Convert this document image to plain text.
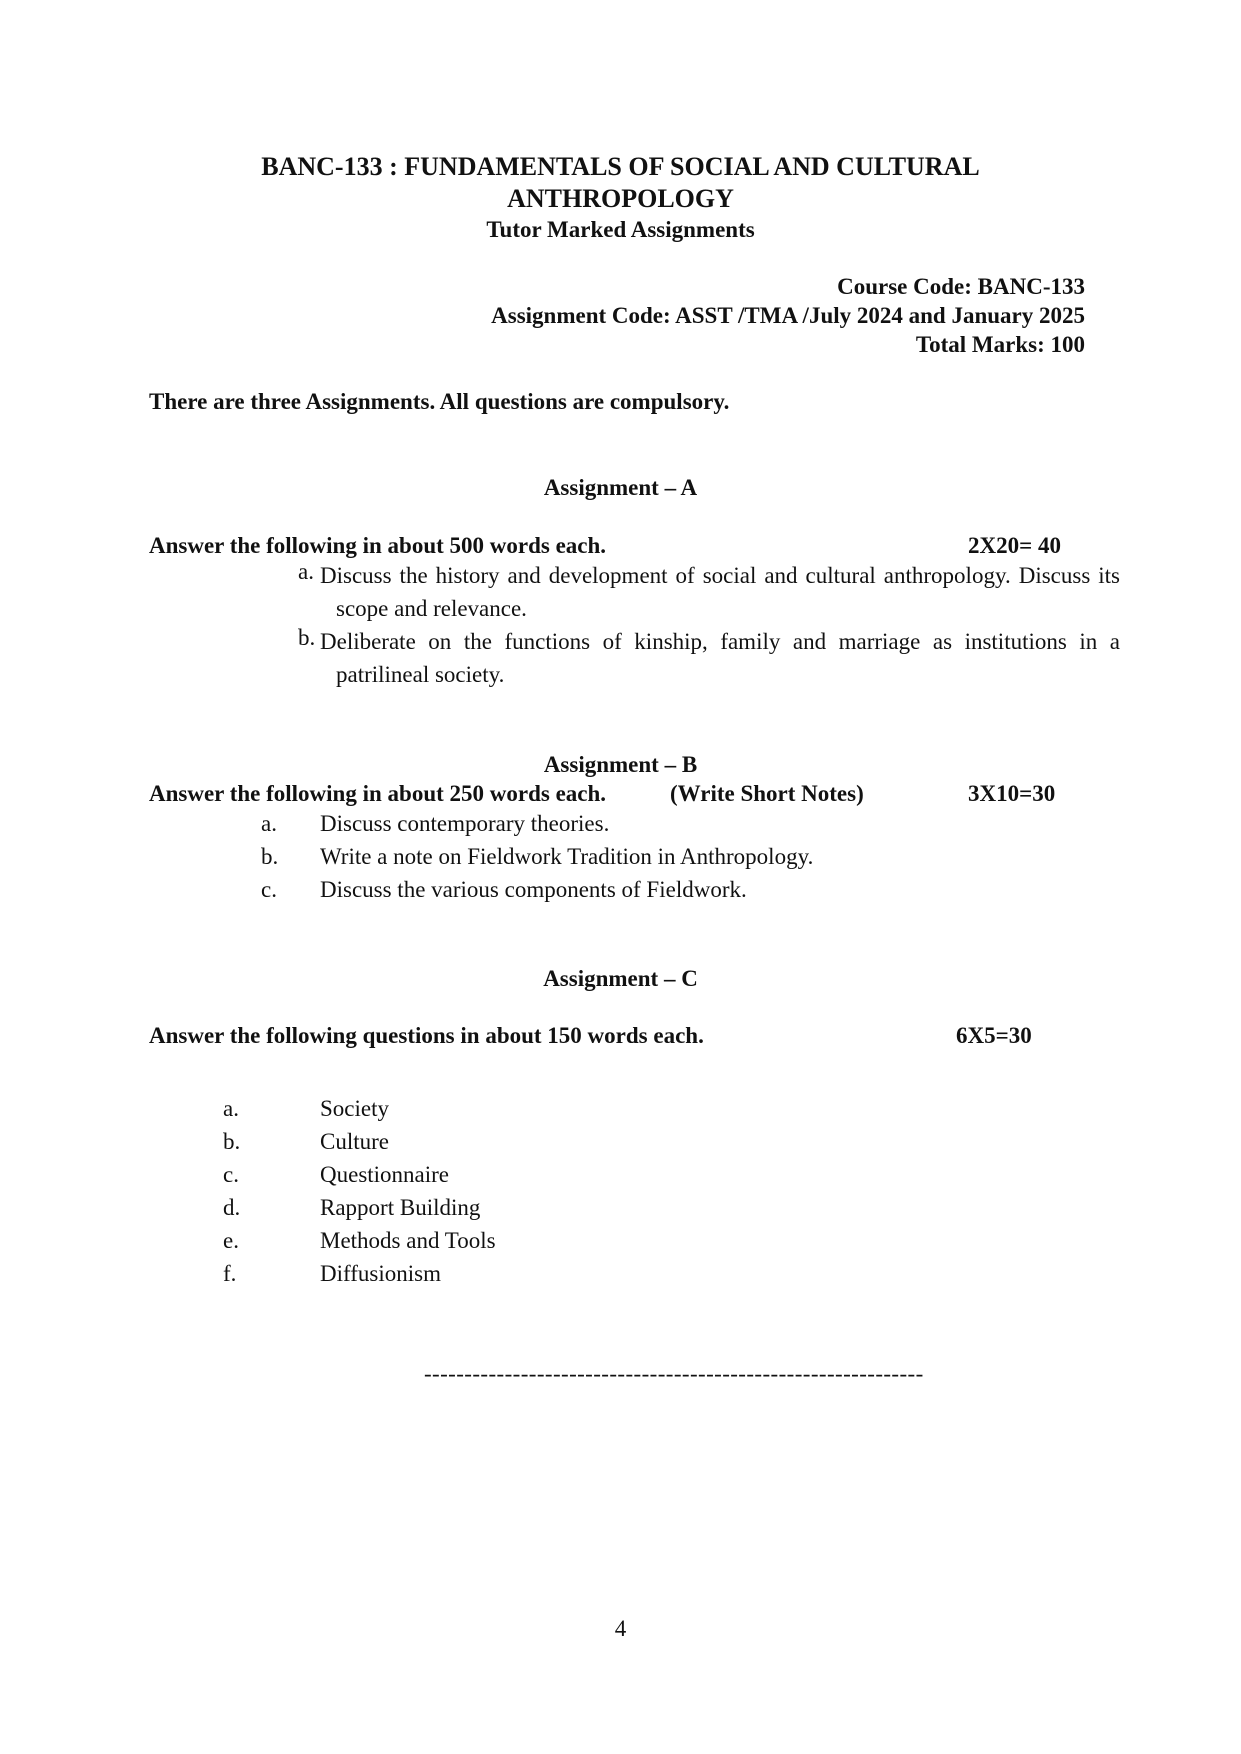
BANC-133 : FUNDAMENTALS OF SOCIAL AND CULTURAL
ANTHROPOLOGY
Tutor Marked Assignments
Course Code: BANC-133
Assignment Code: ASST /TMA /July 2024 and January 2025
Total Marks: 100
There are three Assignments. All questions are compulsory.
Assignment – A
Answer the following in about 500 words each.	2X20= 40
a. Discuss the history and development of social and cultural anthropology. Discuss its scope and relevance.
b. Deliberate on the functions of kinship, family and marriage as institutions in a patrilineal society.
Assignment – B
Answer the following in about 250 words each.	(Write Short Notes)	3X10=30
a. Discuss contemporary theories.
b. Write a note on Fieldwork Tradition in Anthropology.
c. Discuss the various components of Fieldwork.
Assignment – C
Answer the following questions in about 150 words each.	6X5=30
a.	Society
b.	Culture
c.	Questionnaire
d.	Rapport Building
e.	Methods and Tools
f.	Diffusionism
--------------------------------------------------------------
4
